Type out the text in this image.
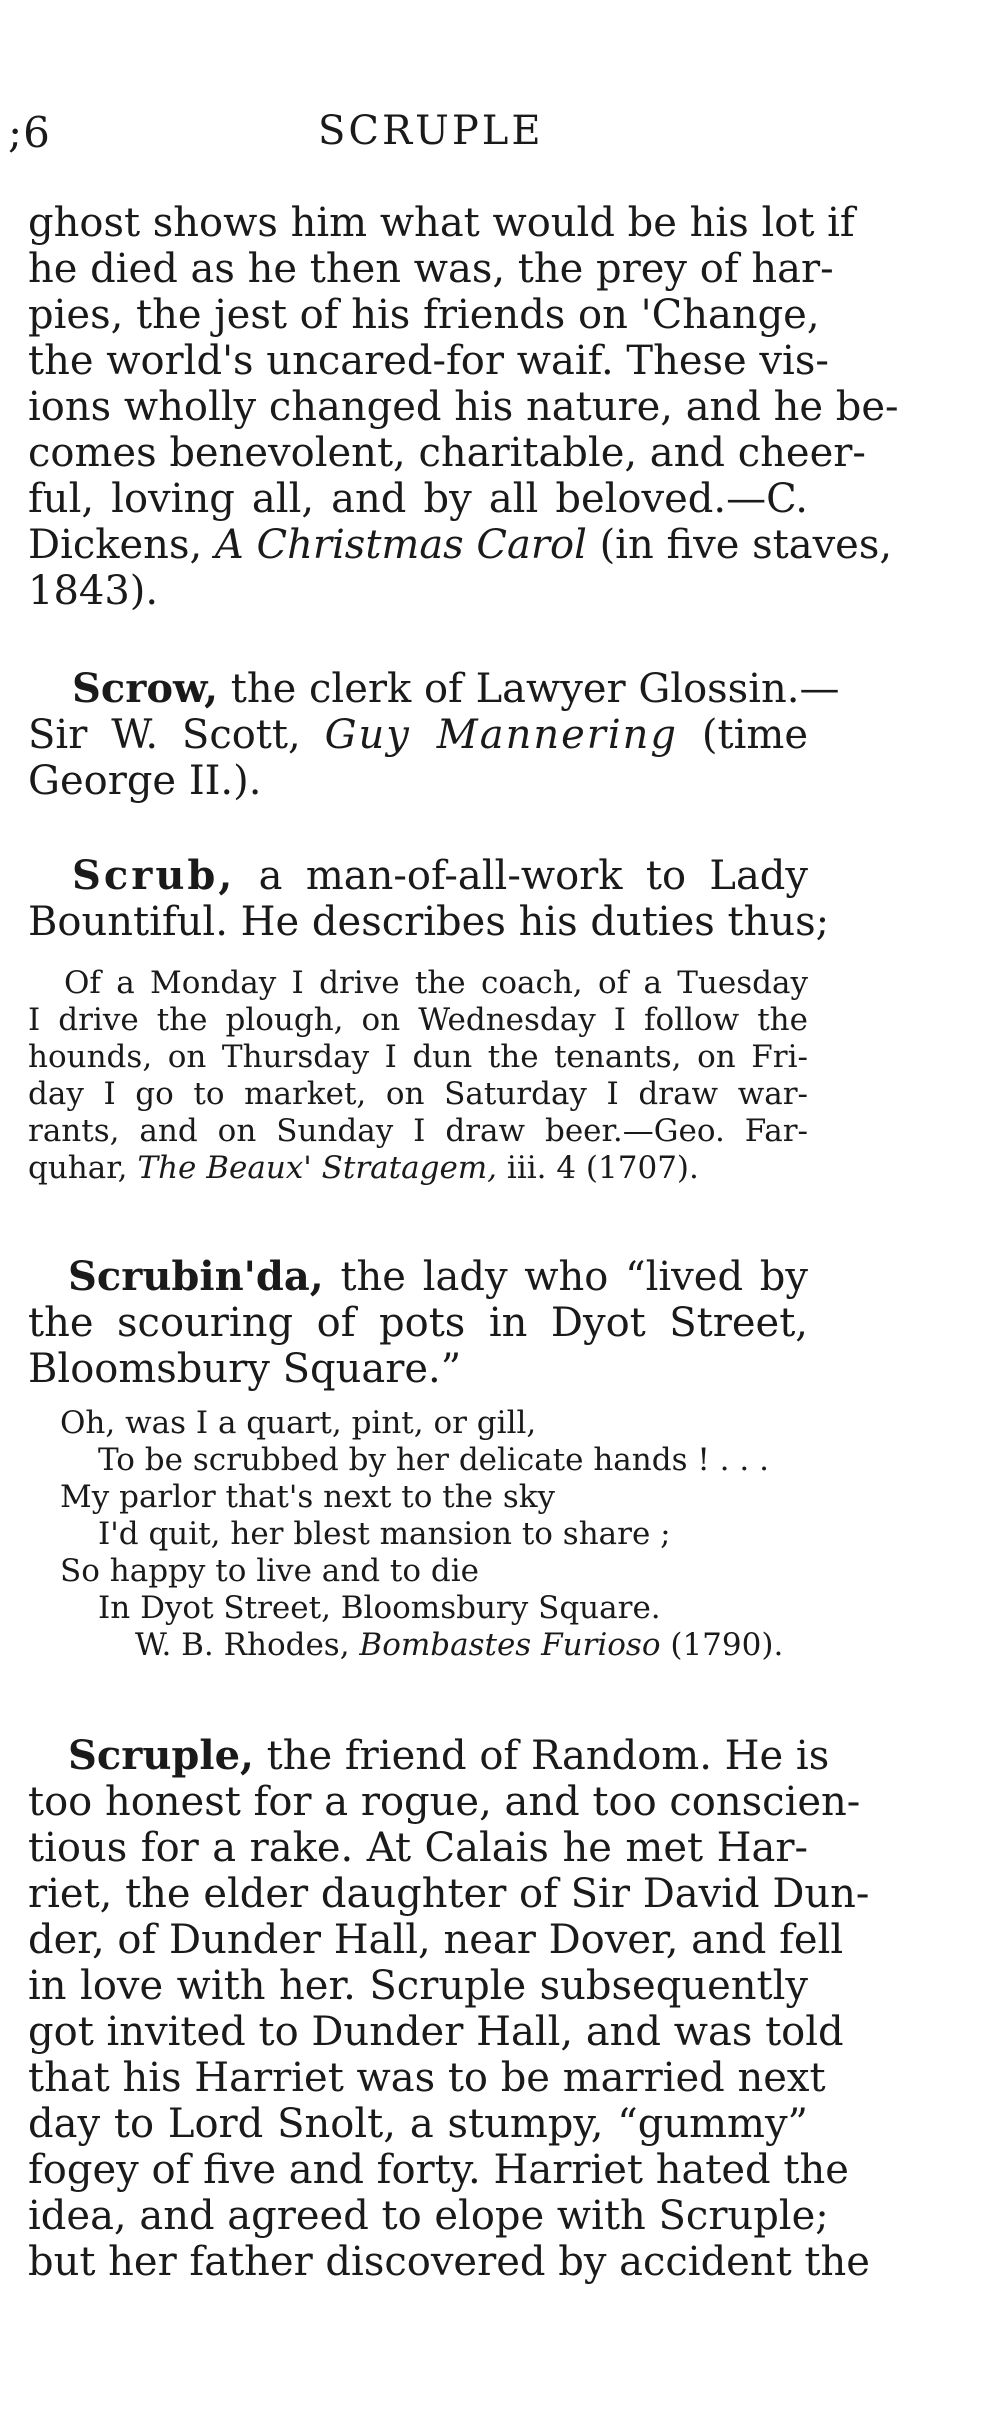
;6	SCRUPLE
ghost shows him what would be his lot if
he died as he then was, the prey of har-
pies, the jest of his friends on 'Change,
the world's uncared-for waif. These vis-
ions wholly changed his nature, and he be-
comes benevolent, charitable, and cheer-
ful, loving all, and by all beloved.—C.
Dickens, A Christmas Carol (in five staves,
1843).
Scrow, the clerk of Lawyer Glossin.—
Sir W. Scott, Guy Mannering (time
George II.).
Scrub, a man-of-all-work to Lady
Bountiful. He describes his duties thus;
Of a Monday I drive the coach, of a Tuesday
I drive the plough, on Wednesday I follow the
hounds, on Thursday I dun the tenants, on Fri-
day I go to market, on Saturday I draw war-
rants, and on Sunday I draw beer.—Geo. Far-
quhar, The Beaux' Stratagem, iii. 4 (1707).
Scrubin'da, the lady who “lived by
the scouring of pots in Dyot Street,
Bloomsbury Square.”
Oh, was I a quart, pint, or gill,
To be scrubbed by her delicate hands ! . . .
My parlor that's next to the sky
I'd quit, her blest mansion to share ;
So happy to live and to die
In Dyot Street, Bloomsbury Square.
W. B. Rhodes, Bombastes Furioso (1790).
Scruple, the friend of Random. He is
too honest for a rogue, and too conscien-
tious for a rake. At Calais he met Har-
riet, the elder daughter of Sir David Dun-
der, of Dunder Hall, near Dover, and fell
in love with her. Scruple subsequently
got invited to Dunder Hall, and was told
that his Harriet was to be married next
day to Lord Snolt, a stumpy, “gummy”
fogey of five and forty. Harriet hated the
idea, and agreed to elope with Scruple;
but her father discovered by accident the
